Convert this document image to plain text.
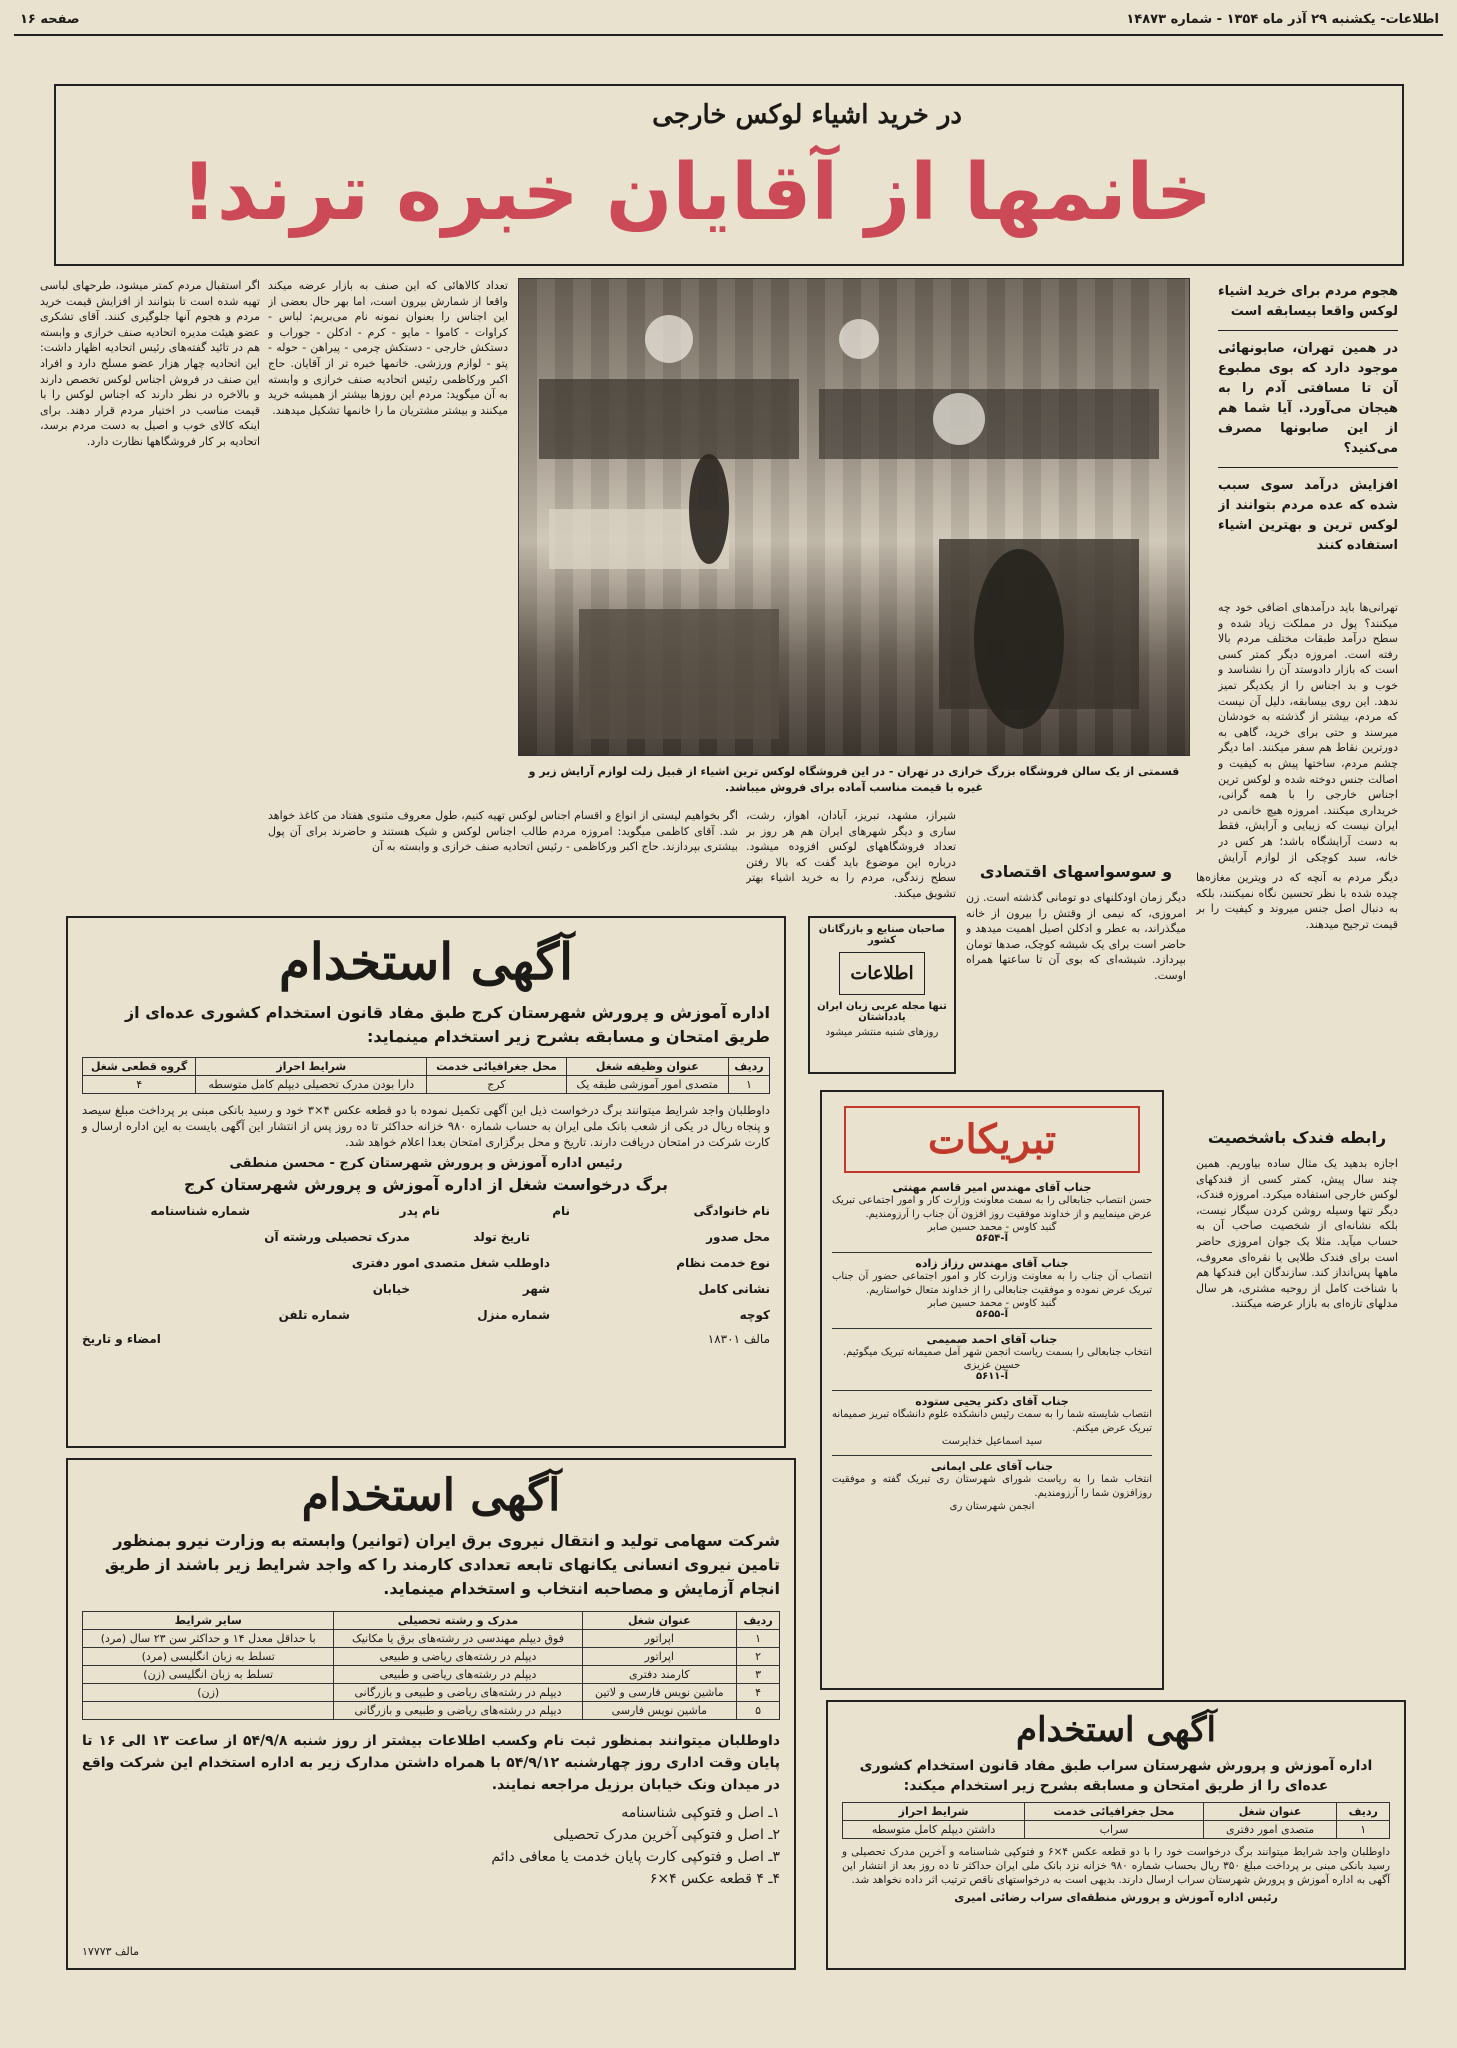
اطلاعات- یکشنبه ۲۹ آذر ماه ۱۳۵۴ - شماره ۱۴۸۷۳
صفحه ۱۶
در خرید اشیاء لوکس خارجی
خانمها از آقایان خبره ترند!

هجوم مردم برای خرید اشیاء لوکس واقعا بیسابقه است

در همین تهران، صابونهائی موجود دارد که بوی مطبوع آن تا مسافتی آدم را به هیجان می‌آورد. آیا شما هم از این صابونها مصرف می‌کنید؟

افزایش درآمد سوی سبب شده که عده مردم بتوانند از لوکس ترین و بهترین اشیاء استفاده کنند

تهرانی‌ها باید درآمدهای اضافی خود چه میکنند؟ پول در مملکت زیاد شده و سطح درآمد طبقات مختلف مردم بالا رفته است. امروزه دیگر کمتر کسی است که بازار دادوستد آن را نشناسد و خوب و بد اجناس را از یکدیگر تمیز ندهد. این روی بیسابقه، دلیل آن نیست که مردم، بیشتر از گذشته به خودشان میرسند و حتی برای خرید، گاهی به دورترین نقاط هم سفر میکنند. اما دیگر چشم مردم، ساختها پیش به کیفیت و اصالت جنس دوخته شده و لوکس ترین اجناس خارجی را با همه گرانی، خریداری میکنند. امروزه هیچ خانمی در ایران نیست که زیبایی و آرایش، فقط به دست آرایشگاه باشد؛ هر کس در خانه، سبد کوچکی از لوازم آرایش

قسمتی از یک سالن فروشگاه بزرگ خرازی در تهران - در این فروشگاه لوکس ترین اشیاء از قبیل زلت لوازم آرایش زیر و غیره با قیمت مناسب آماده برای فروش میباشد.

تعداد کالاهائی که این صنف به بازار عرضه میکند واقعا از شمارش بیرون است، اما بهر حال بعضی از این اجناس را بعنوان نمونه نام می‌بریم: لباس - کراوات - کاموا - مایو - کرم - ادکلن - جوراب و دستکش خارجی - دستکش چرمی - پیراهن - حوله - پتو - لوازم ورزشی. خانمها خبره تر از آقایان. حاج اکبر ورکاظمی رئیس اتحادیه صنف خرازی و وابسته به آن میگوید: مردم این روزها بیشتر از همیشه خرید میکنند و بیشتر مشتریان ما را خانمها تشکیل میدهند.

اگر استقبال مردم کمتر میشود، طرحهای لباسی تهیه شده است تا بتوانند از افزایش قیمت خرید مردم و هجوم آنها جلوگیری کنند. آقای تشکری عضو هیئت مدیره اتحادیه صنف خرازی و وابسته هم در تائید گفته‌های رئیس اتحادیه اظهار داشت: این اتحادیه چهار هزار عضو مسلح دارد و افراد این صنف در فروش اجناس لوکس تخصص دارند و بالاخره در نظر دارند که اجناس لوکس را با قیمت مناسب در اختیار مردم قرار دهند. برای اینکه کالای خوب و اصیل به دست مردم برسد، اتحادیه بر کار فروشگاهها نظارت دارد.

اگر بخواهیم لیستی از انواع و اقسام اجناس لوکس تهیه کنیم، طول معروف مثنوی هفتاد من کاغذ خواهد شد. آقای کاظمی میگوید: امروزه مردم طالب اجناس لوکس و شیک هستند و حاضرند برای آن پول بیشتری بپردازند. حاج اکبر ورکاظمی - رئیس اتحادیه صنف خرازی و وابسته به آن

شیراز، مشهد، تبریز، آبادان، اهواز، رشت، ساری و دیگر شهرهای ایران هم هر روز بر تعداد فروشگاههای لوکس افزوده میشود. درباره این موضوع باید گفت که بالا رفتن سطح زندگی، مردم را به خرید اشیاء بهتر تشویق میکند.

و سوسواسهای اقتصادی

دیگر زمان اودکلنهای دو تومانی گذشته است. زن امروزی، که نیمی از وقتش را بیرون از خانه میگذراند، به عطر و ادکلن اصیل اهمیت میدهد و حاضر است برای یک شیشه کوچک، صدها تومان بپردازد. شیشه‌ای که بوی آن تا ساعتها همراه اوست.

دیگر مردم به آنچه که در ویترین مغازه‌ها چیده شده با نظر تحسین نگاه نمیکنند، بلکه به دنبال اصل جنس میروند و کیفیت را بر قیمت ترجیح میدهند.

رابطه فندک باشخصیت

اجازه بدهید یک مثال ساده بیاوریم. همین چند سال پیش، کمتر کسی از فندکهای لوکس خارجی استفاده میکرد. امروزه فندک، دیگر تنها وسیله روشن کردن سیگار نیست، بلکه نشانه‌ای از شخصیت صاحب آن به حساب میآید. مثلا یک جوان امروزی حاضر است برای فندک طلایی یا نقره‌ای معروف، ماهها پس‌انداز کند. سازندگان این فندکها هم با شناخت کامل از روحیه مشتری، هر سال مدلهای تازه‌ای به بازار عرضه میکنند.

آگهی استخدام
اداره آموزش و پرورش شهرستان کرج طبق مفاد قانون استخدام کشوری عده‌ای از طریق امتحان و مسابقه بشرح زیر استخدام مینماید:
ردیف	عنوان وظیفه شغل	محل جغرافیائی خدمت	شرایط احراز	گروه قطعی شغل
۱	متصدی امور آموزشی طبقه یک	کرج	دارا بودن مدرک تحصیلی دیپلم کامل متوسطه	۴
داوطلبان واجد شرایط میتوانند برگ درخواست ذیل این آگهی تکمیل نموده با دو قطعه عکس ۴×۳ خود و رسید بانکی مبنی بر پرداخت مبلغ سیصد و پنجاه ریال در یکی از شعب بانک ملی ایران به حساب شماره ۹۸۰ خزانه حداکثر تا ده روز پس از انتشار این آگهی بایست به این اداره ارسال و کارت شرکت در امتحان دریافت دارند. تاریخ و محل برگزاری امتحان بعدا اعلام خواهد شد.
رئیس اداره آموزش و پرورش شهرستان کرج - محسن منطقی
برگ درخواست شغل از اداره آموزش و پرورش شهرستان کرج
نام خانوادگی
نام
نام پدر
شماره شناسنامه
محل صدور
تاریخ تولد
مدرک تحصیلی ورشته آن
نوع خدمت نظام
داوطلب شغل متصدی امور دفتری
نشانی کامل
شهر
خیابان
کوچه
شماره منزل
شماره تلفن
مالف ۱۸۳۰۱
امضاء و تاریخ
صاحبان صنایع و بازرگانان کشور
اطلاعات
تنها مجله عربی زبان ایران یادداشتان
روزهای شنبه منتشر میشود
تبریکات
جناب آقای مهندس امیر قاسم مهنتی
حسن انتصاب جنابعالی را به سمت معاونت وزارت کار و امور اجتماعی تبریک عرض مینماییم و از خداوند موفقیت روز افزون آن جناب را آرزومندیم.
گنبد کاوس - محمد حسین صابر
آ-۵۶۵۴
جناب آقای مهندس رزاز زاده
انتصاب آن جناب را به معاونت وزارت کار و امور اجتماعی حضور آن جناب تبریک عرض نموده و موفقیت جنابعالی را از خداوند متعال خواستاریم.
گنبد کاوس - محمد حسین صابر
آ-۵۶۵۵
جناب آقای احمد صمیمی
انتخاب جنابعالی را بسمت ریاست انجمن شهر آمل صمیمانه تبریک میگوئیم.
حسین عزیزی
آ-۵۶۱۱
جناب آقای دکتر یحیی ستوده
انتصاب شایسته شما را به سمت رئیس دانشکده علوم دانشگاه تبریز صمیمانه تبریک عرض میکنم.
سید اسماعیل خدایرست
جناب آقای علی ایمانی
انتخاب شما را به ریاست شورای شهرستان ری تبریک گفته و موفقیت روزافزون شما را آرزومندیم.
انجمن شهرستان ری
آگهی استخدام
شرکت سهامی تولید و انتقال نیروی برق ایران (توانیر) وابسته به وزارت نیرو بمنظور تامین نیروی انسانی یکانهای تابعه تعدادی کارمند را که واجد شرایط زیر باشند از طریق انجام آزمایش و مصاحبه انتخاب و استخدام مینماید.
ردیف	عنوان شغل	مدرک و رشته تحصیلی	سایر شرایط
۱	اپراتور	فوق دیپلم مهندسی در رشته‌های برق یا مکانیک	با حداقل معدل ۱۴ و حداکثر سن ۲۳ سال (مرد)
۲	اپراتور	دیپلم در رشته‌های ریاضی و طبیعی	تسلط به زبان انگلیسی (مرد)
۳	کارمند دفتری	دیپلم در رشته‌های ریاضی و طبیعی	تسلط به زبان انگلیسی (زن)
۴	ماشین نویس فارسی و لاتین	دیپلم در رشته‌های ریاضی و طبیعی و بازرگانی	(زن)
۵	ماشین نویس فارسی	دیپلم در رشته‌های ریاضی و طبیعی و بازرگانی	
داوطلبان میتوانند بمنظور ثبت نام وکسب اطلاعات بیشتر از روز شنبه ۵۴/۹/۸ از ساعت ۱۳ الی ۱۶ تا پایان وقت اداری روز چهارشنبه ۵۴/۹/۱۲ با همراه داشتن مدارک زیر به اداره استخدام این شرکت واقع در میدان ونک خیابان برزیل مراجعه نمایند.
۱ـ اصل و فتوکپی شناسنامه
۲ـ اصل و فتوکپی آخرین مدرک تحصیلی
۳ـ اصل و فتوکپی کارت پایان خدمت یا معافی دائم
۴ـ ۴ قطعه عکس ۴×۶
مالف ۱۷۷۷۳
آگهی استخدام
اداره آموزش و پرورش شهرستان سراب طبق مفاد قانون استخدام کشوری عده‌ای را از طریق امتحان و مسابقه بشرح زیر استخدام میکند:
ردیف	عنوان شغل	محل جغرافیائی خدمت	شرایط احراز
۱	متصدی امور دفتری	سراب	داشتن دیپلم کامل متوسطه
داوطلبان واجد شرایط میتوانند برگ درخواست خود را با دو قطعه عکس ۴×۶ و فتوکپی شناسنامه و آخرین مدرک تحصیلی و رسید بانکی مبنی بر پرداخت مبلغ ۳۵۰ ریال بحساب شماره ۹۸۰ خزانه نزد بانک ملی ایران حداکثر تا ده روز بعد از انتشار این آگهی به اداره آموزش و پرورش شهرستان سراب ارسال دارند. بدیهی است به درخواستهای ناقص ترتیب اثر داده نخواهد شد.
رئیس اداره آموزش و پرورش منطقه‌ای سراب رضائی امیری
